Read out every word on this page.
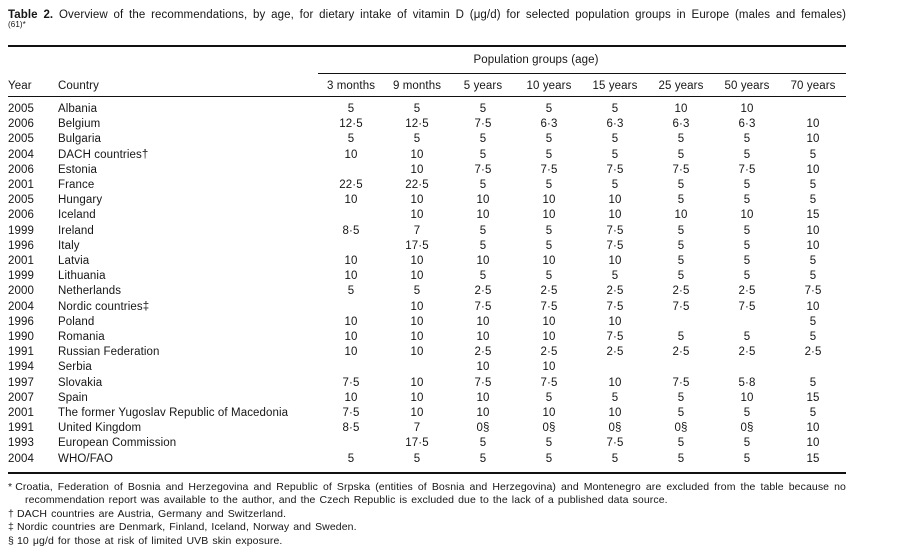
Table 2. Overview of the recommendations, by age, for dietary intake of vitamin D (μg/d) for selected population groups in Europe (males and females)$^{(61)*}$

		Population groups (age)							
Year	Country	3 months	9 months	5 years	10 years	15 years	25 years	50 years	70 years
2005	Albania	5	5	5	5	5	10	10	
2006	Belgium	12·5	12·5	7·5	6·3	6·3	6·3	6·3	10
2005	Bulgaria	5	5	5	5	5	5	5	10
2004	DACH countries†	10	10	5	5	5	5	5	5
2006	Estonia		10	7·5	7·5	7·5	7·5	7·5	10
2001	France	22·5	22·5	5	5	5	5	5	5
2005	Hungary	10	10	10	10	10	5	5	5
2006	Iceland		10	10	10	10	10	10	15
1999	Ireland	8·5	7	5	5	7·5	5	5	10
1996	Italy		17·5	5	5	7·5	5	5	10
2001	Latvia	10	10	10	10	10	5	5	5
1999	Lithuania	10	10	5	5	5	5	5	5
2000	Netherlands	5	5	2·5	2·5	2·5	2·5	2·5	7·5
2004	Nordic countries‡		10	7·5	7·5	7·5	7·5	7·5	10
1996	Poland	10	10	10	10	10			5
1990	Romania	10	10	10	10	7·5	5	5	5
1991	Russian Federation	10	10	2·5	2·5	2·5	2·5	2·5	2·5
1994	Serbia			10	10				
1997	Slovakia	7·5	10	7·5	7·5	10	7·5	5·8	5
2007	Spain	10	10	10	5	5	5	10	15
2001	The former Yugoslav Republic of Macedonia	7·5	10	10	10	10	5	5	5
1991	United Kingdom	8·5	7	0§	0§	0§	0§	0§	10
1993	European Commission		17·5	5	5	7·5	5	5	10
2004	WHO/FAO	5	5	5	5	5	5	5	15
* Croatia, Federation of Bosnia and Herzegovina and Republic of Srpska (entities of Bosnia and Herzegovina) and Montenegro are excluded from the table because no recommendation report was available to the author, and the Czech Republic is excluded due to the lack of a published data source.
† DACH countries are Austria, Germany and Switzerland.
‡ Nordic countries are Denmark, Finland, Iceland, Norway and Sweden.
§ 10 μg/d for those at risk of limited UVB skin exposure.
